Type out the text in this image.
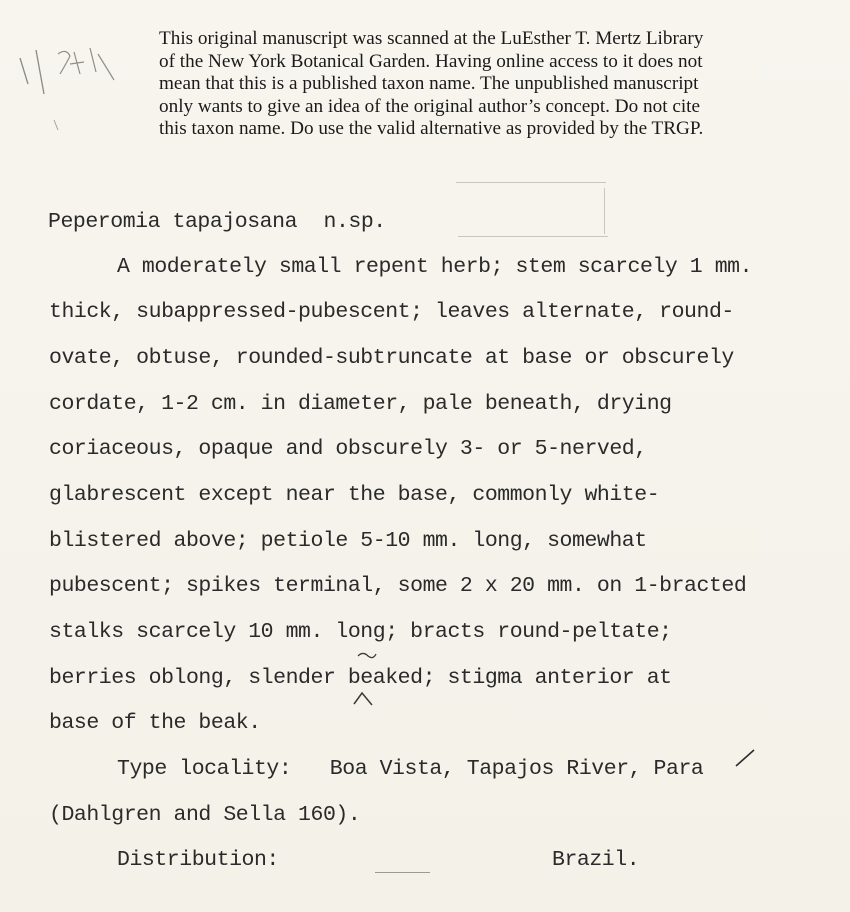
This original manuscript was scanned at the LuEsther T. Mertz Library
of the New York Botanical Garden. Having online access to it does not
mean that this is a published taxon name. The unpublished manuscript
only wants to give an idea of the original author’s concept. Do not cite
this taxon name. Do use the valid alternative as provided by the TRGP.
Peperomia tapajosana n.sp.
A moderately small repent herb; stem scarcely 1 mm.
thick, subappressed-pubescent; leaves alternate, round-
ovate, obtuse, rounded-subtruncate at base or obscurely
cordate, 1-2 cm. in diameter, pale beneath, drying
coriaceous, opaque and obscurely 3- or 5-nerved,
glabrescent except near the base, commonly white-
blistered above; petiole 5-10 mm. long, somewhat
pubescent; spikes terminal, some 2 x 20 mm. on 1-bracted
stalks scarcely 10 mm. long; bracts round-peltate;
berries oblong, slender beaked; stigma anterior at
base of the beak.
Type locality: Boa Vista, Tapajos River, Para
(Dahlgren and Sella 160).
Distribution:	Brazil.
